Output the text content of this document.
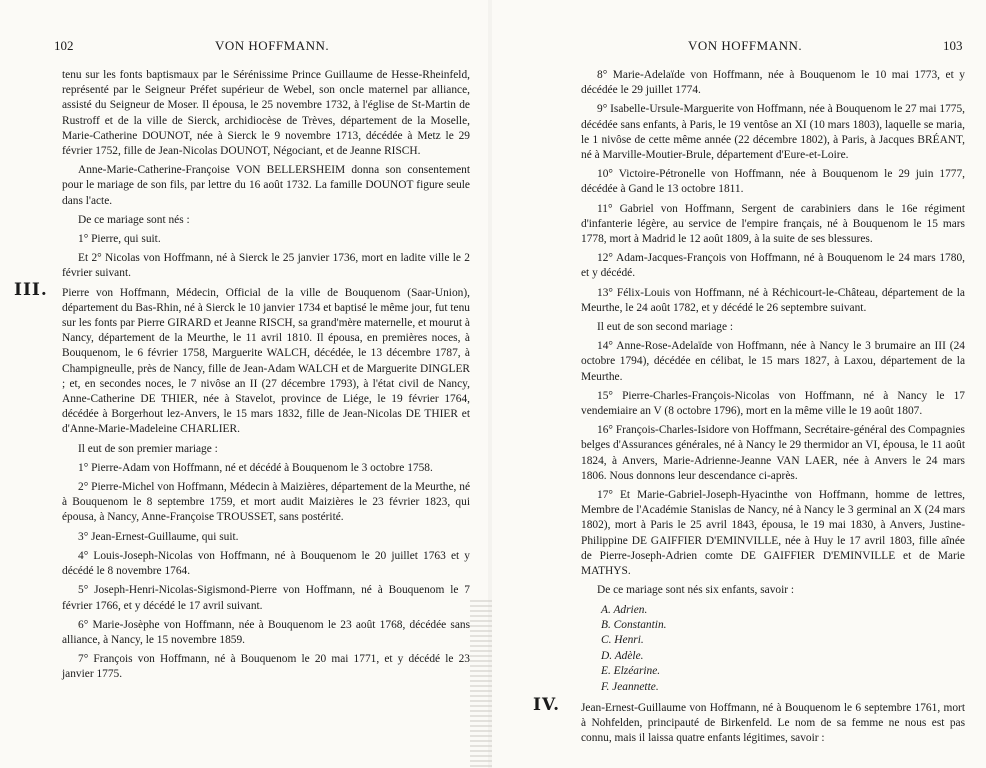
102	VON HOFFMANN.

tenu sur les fonts baptismaux par le Sérénissime Prince Guillaume de Hesse-Rheinfeld, représenté par le Seigneur Préfet supérieur de Webel, son oncle maternel par alliance, assisté du Seigneur de Moser. Il épousa, le 25 novembre 1732, à l'église de St-Martin de Rustroff et de la ville de Sierck, archidiocèse de Trèves, département de la Moselle, Marie-Catherine DOUNOT, née à Sierck le 9 novembre 1713, décédée à Metz le 29 février 1752, fille de Jean-Nicolas DOUNOT, Négociant, et de Jeanne RISCH.

Anne-Marie-Catherine-Françoise VON BELLERSHEIM donna son consentement pour le mariage de son fils, par lettre du 16 août 1732. La famille DOUNOT figure seule dans l'acte.

De ce mariage sont nés :

1° Pierre, qui suit.

Et 2° Nicolas von Hoffmann, né à Sierck le 25 janvier 1736, mort en ladite ville le 2 février suivant.

III. Pierre von Hoffmann, Médecin, Official de la ville de Bouquenom (Saar-Union), département du Bas-Rhin, né à Sierck le 10 janvier 1734 et baptisé le même jour, fut tenu sur les fonts par Pierre GIRARD et Jeanne RISCH, sa grand'mère maternelle, et mourut à Nancy, département de la Meurthe, le 11 avril 1810. Il épousa, en premières noces, à Bouquenom, le 6 février 1758, Marguerite WALCH, décédée, le 13 décembre 1787, à Champigneulle, près de Nancy, fille de Jean-Adam WALCH et de Marguerite DINGLER ; et, en secondes noces, le 7 nivôse an II (27 décembre 1793), à l'état civil de Nancy, Anne-Catherine DE THIER, née à Stavelot, province de Liége, le 19 février 1764, décédée à Borgerhout lez-Anvers, le 15 mars 1832, fille de Jean-Nicolas DE THIER et d'Anne-Marie-Madeleine CHARLIER.

Il eut de son premier mariage :

1° Pierre-Adam von Hoffmann, né et décédé à Bouquenom le 3 octobre 1758.

2° Pierre-Michel von Hoffmann, Médecin à Maizières, département de la Meurthe, né à Bouquenom le 8 septembre 1759, et mort audit Maizières le 23 février 1823, qui épousa, à Nancy, Anne-Françoise TROUSSET, sans postérité.

3° Jean-Ernest-Guillaume, qui suit.

4° Louis-Joseph-Nicolas von Hoffmann, né à Bouquenom le 20 juillet 1763 et y décédé le 8 novembre 1764.

5° Joseph-Henri-Nicolas-Sigismond-Pierre von Hoffmann, né à Bouquenom le 7 février 1766, et y décédé le 17 avril suivant.

6° Marie-Josèphe von Hoffmann, née à Bouquenom le 23 août 1768, décédée sans alliance, à Nancy, le 15 novembre 1859.

7° François von Hoffmann, né à Bouquenom le 20 mai 1771, et y décédé le 23 janvier 1775.

VON HOFFMANN.	103

8° Marie-Adelaïde von Hoffmann, née à Bouquenom le 10 mai 1773, et y décédée le 29 juillet 1774.

9° Isabelle-Ursule-Marguerite von Hoffmann, née à Bouquenom le 27 mai 1775, décédée sans enfants, à Paris, le 19 ventôse an XI (10 mars 1803), laquelle se maria, le 1 nivôse de cette même année (22 décembre 1802), à Paris, à Jacques BRÉANT, né à Marville-Moutier-Brule, département d'Eure-et-Loire.

10° Victoire-Pétronelle von Hoffmann, née à Bouquenom le 29 juin 1777, décédée à Gand le 13 octobre 1811.

11° Gabriel von Hoffmann, Sergent de carabiniers dans le 16e régiment d'infanterie légère, au service de l'empire français, né à Bouquenom le 15 mars 1778, mort à Madrid le 12 août 1809, à la suite de ses blessures.

12° Adam-Jacques-François von Hoffmann, né à Bouquenom le 24 mars 1780, et y décédé.

13° Félix-Louis von Hoffmann, né à Réchicourt-le-Château, département de la Meurthe, le 24 août 1782, et y décédé le 26 septembre suivant.

Il eut de son second mariage :

14° Anne-Rose-Adelaïde von Hoffmann, née à Nancy le 3 brumaire an III (24 octobre 1794), décédée en célibat, le 15 mars 1827, à Laxou, département de la Meurthe.

15° Pierre-Charles-François-Nicolas von Hoffmann, né à Nancy le 17 vendemiaire an V (8 octobre 1796), mort en la même ville le 19 août 1807.

16° François-Charles-Isidore von Hoffmann, Secrétaire-général des Compagnies belges d'Assurances générales, né à Nancy le 29 thermidor an VI, épousa, le 11 août 1824, à Anvers, Marie-Adrienne-Jeanne VAN LAER, née à Anvers le 24 mars 1806. Nous donnons leur descendance ci-après.

17° Et Marie-Gabriel-Joseph-Hyacinthe von Hoffmann, homme de lettres, Membre de l'Académie Stanislas de Nancy, né à Nancy le 3 germinal an X (24 mars 1802), mort à Paris le 25 avril 1843, épousa, le 19 mai 1830, à Anvers, Justine-Philippine DE GAIFFIER D'EMINVILLE, née à Huy le 17 avril 1803, fille aînée de Pierre-Joseph-Adrien comte DE GAIFFIER D'EMINVILLE et de Marie MATHYS.

De ce mariage sont nés six enfants, savoir :

A. Adrien.
B. Constantin.
C. Henri.
D. Adèle.
E. Elzéarine.
F. Jeannette.
IV. Jean-Ernest-Guillaume von Hoffmann, né à Bouquenom le 6 septembre 1761, mort à Nohfelden, principauté de Birkenfeld. Le nom de sa femme ne nous est pas connu, mais il laissa quatre enfants légitimes, savoir :
